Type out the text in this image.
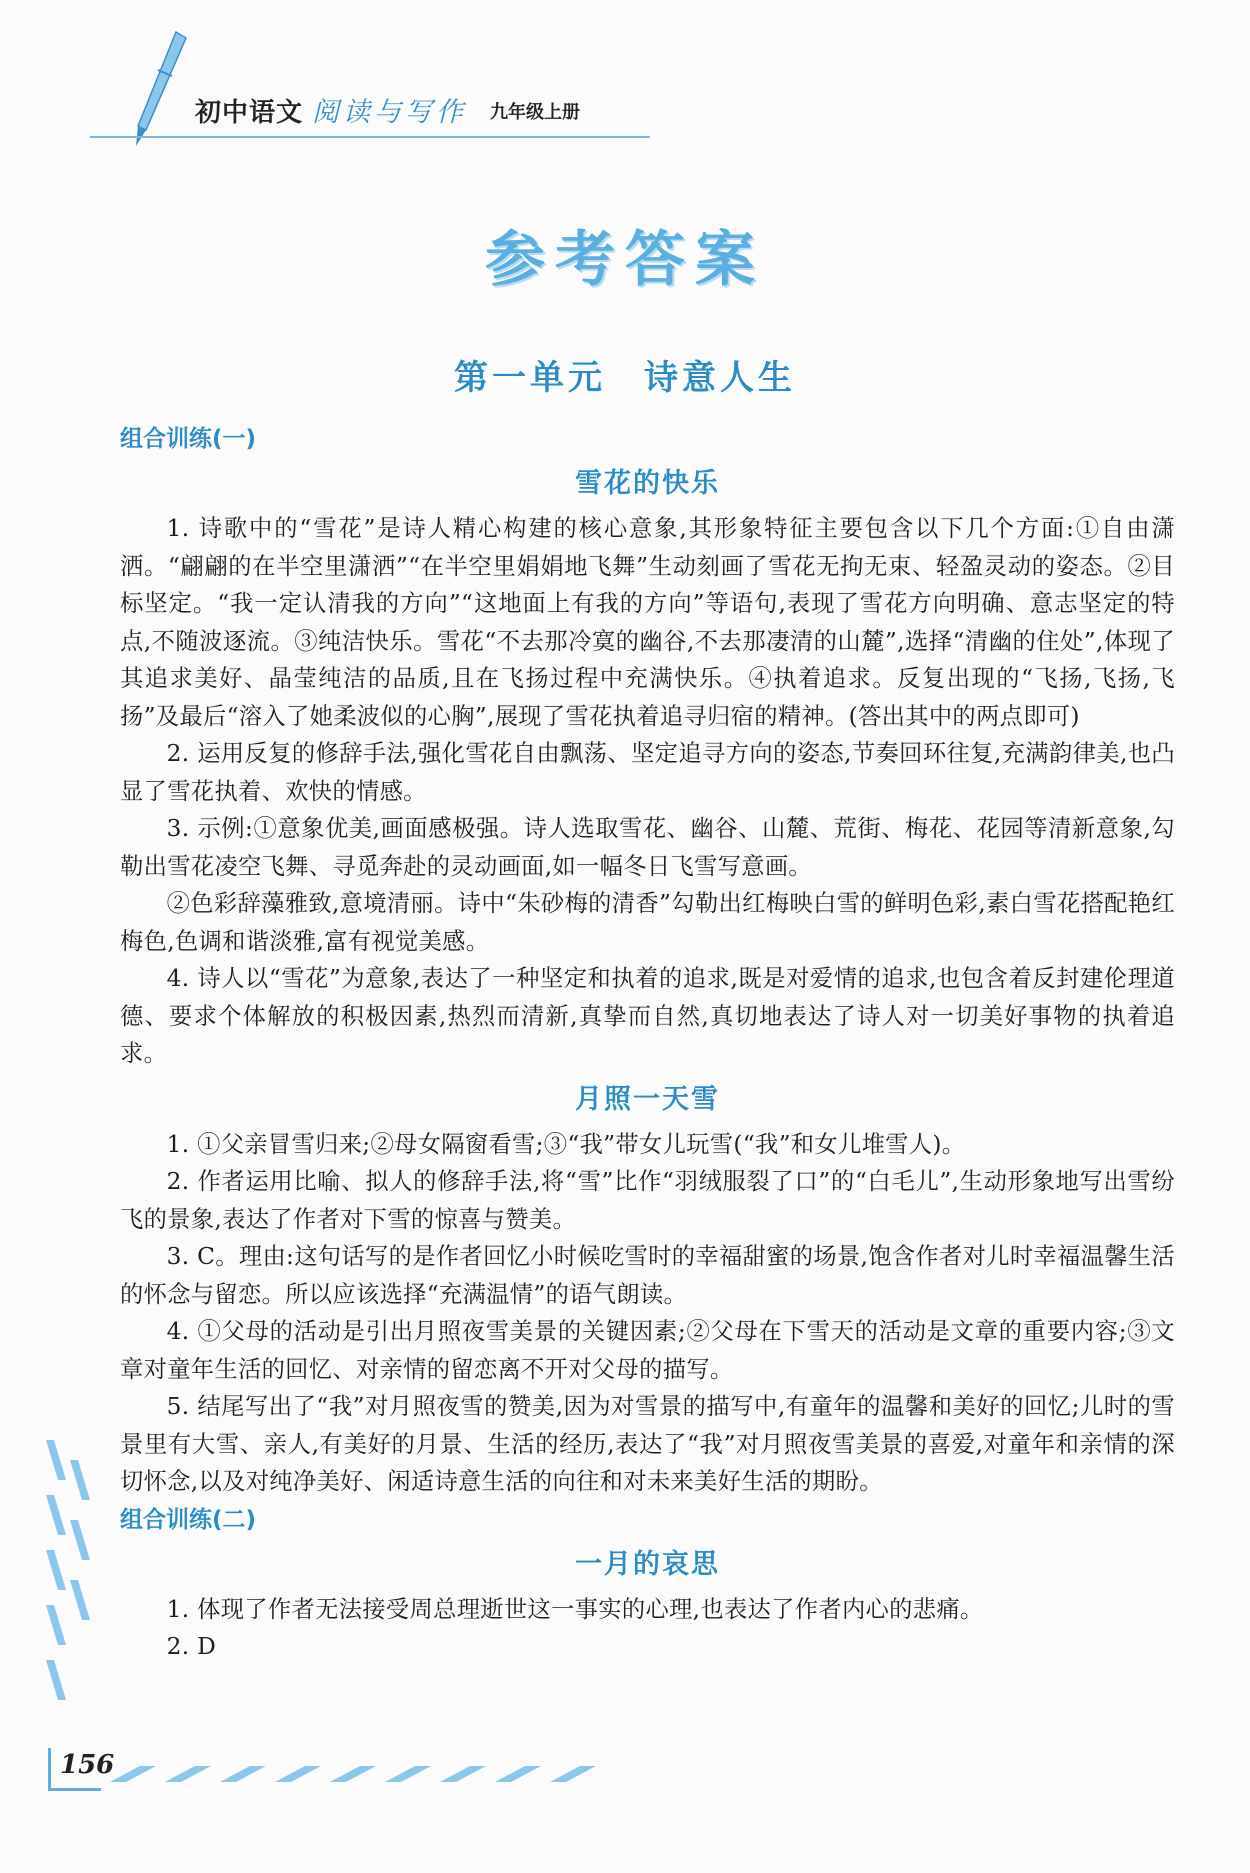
初中语文 阅读与写作 九年级上册
参考答案
第一单元　诗意人生
组合训练(一)
雪花的快乐

1. 诗歌中的“雪花”是诗人精心构建的核心意象,其形象特征主要包含以下几个方面:①自由潇洒。“翩翩的在半空里潇洒”“在半空里娟娟地飞舞”生动刻画了雪花无拘无束、轻盈灵动的姿态。②目标坚定。“我一定认清我的方向”“这地面上有我的方向”等语句,表现了雪花方向明确、意志坚定的特点,不随波逐流。③纯洁快乐。雪花“不去那冷寞的幽谷,不去那凄清的山麓”,选择“清幽的住处”,体现了其追求美好、晶莹纯洁的品质,且在飞扬过程中充满快乐。④执着追求。反复出现的“飞扬,飞扬,飞扬”及最后“溶入了她柔波似的心胸”,展现了雪花执着追寻归宿的精神。(答出其中的两点即可)

2. 运用反复的修辞手法,强化雪花自由飘荡、坚定追寻方向的姿态,节奏回环往复,充满韵律美,也凸显了雪花执着、欢快的情感。

3. 示例:①意象优美,画面感极强。诗人选取雪花、幽谷、山麓、荒街、梅花、花园等清新意象,勾勒出雪花凌空飞舞、寻觅奔赴的灵动画面,如一幅冬日飞雪写意画。

②色彩辞藻雅致,意境清丽。诗中“朱砂梅的清香”勾勒出红梅映白雪的鲜明色彩,素白雪花搭配艳红梅色,色调和谐淡雅,富有视觉美感。

4. 诗人以“雪花”为意象,表达了一种坚定和执着的追求,既是对爱情的追求,也包含着反封建伦理道德、要求个体解放的积极因素,热烈而清新,真挚而自然,真切地表达了诗人对一切美好事物的执着追求。

月照一天雪

1. ①父亲冒雪归来;②母女隔窗看雪;③“我”带女儿玩雪(“我”和女儿堆雪人)。

2. 作者运用比喻、拟人的修辞手法,将“雪”比作“羽绒服裂了口”的“白毛儿”,生动形象地写出雪纷飞的景象,表达了作者对下雪的惊喜与赞美。

3. C。理由:这句话写的是作者回忆小时候吃雪时的幸福甜蜜的场景,饱含作者对儿时幸福温馨生活的怀念与留恋。所以应该选择“充满温情”的语气朗读。

4. ①父母的活动是引出月照夜雪美景的关键因素;②父母在下雪天的活动是文章的重要内容;③文章对童年生活的回忆、对亲情的留恋离不开对父母的描写。

5. 结尾写出了“我”对月照夜雪的赞美,因为对雪景的描写中,有童年的温馨和美好的回忆;儿时的雪景里有大雪、亲人,有美好的月景、生活的经历,表达了“我”对月照夜雪美景的喜爱,对童年和亲情的深切怀念,以及对纯净美好、闲适诗意生活的向往和对未来美好生活的期盼。

组合训练(二)
一月的哀思

1. 体现了作者无法接受周总理逝世这一事实的心理,也表达了作者内心的悲痛。

2. D

156
